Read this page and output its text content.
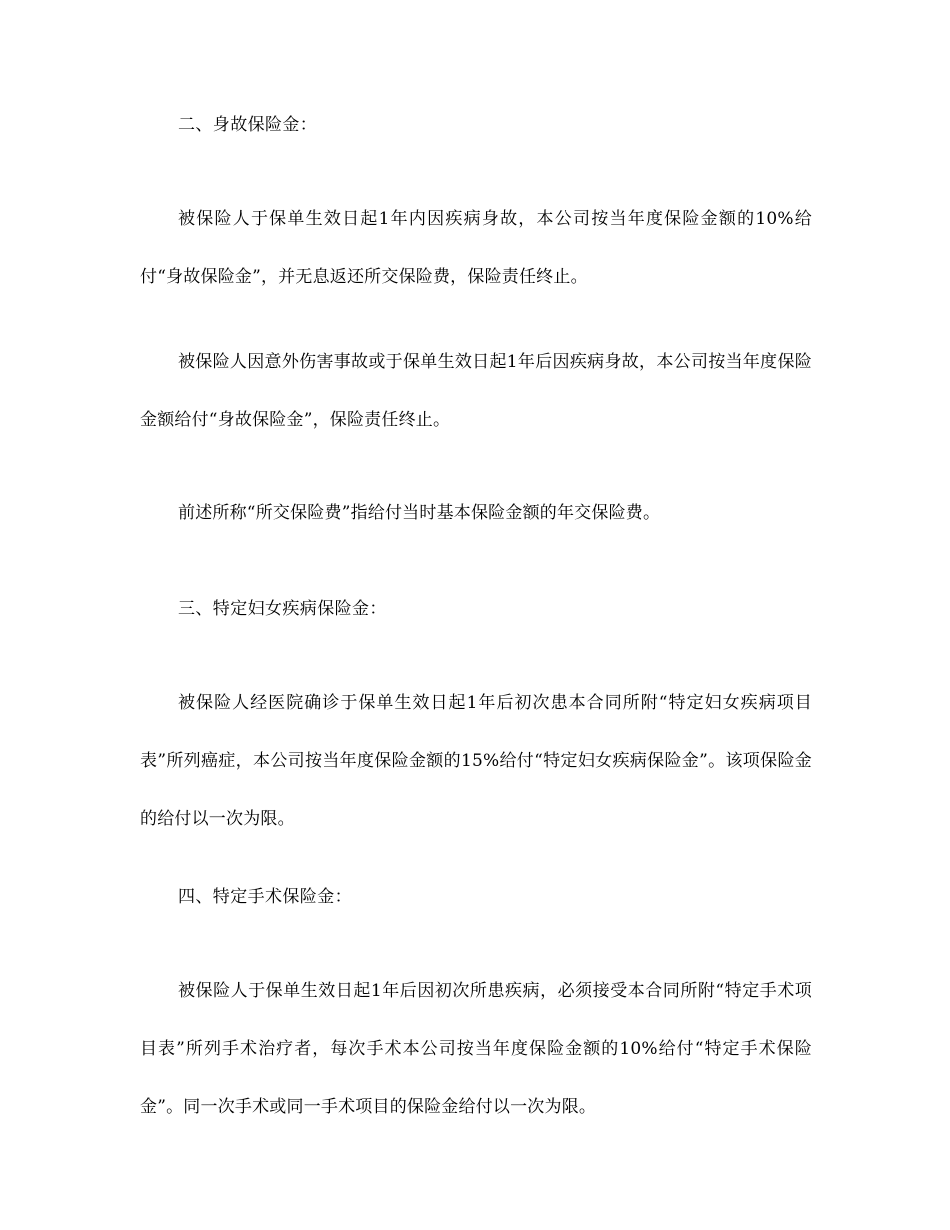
二、身故保险金：

被保险人于保单生效日起1年内因疾病身故，本公司按当年度保险金额的10%给付“身故保险金”，并无息返还所交保险费，保险责任终止。

被保险人因意外伤害事故或于保单生效日起1年后因疾病身故，本公司按当年度保险金额给付“身故保险金”，保险责任终止。

前述所称“所交保险费”指给付当时基本保险金额的年交保险费。

三、特定妇女疾病保险金：

被保险人经医院确诊于保单生效日起1年后初次患本合同所附“特定妇女疾病项目表”所列癌症，本公司按当年度保险金额的15%给付“特定妇女疾病保险金”。该项保险金的给付以一次为限。

四、特定手术保险金：

被保险人于保单生效日起1年后因初次所患疾病，必须接受本合同所附“特定手术项目表”所列手术治疗者，每次手术本公司按当年度保险金额的10%给付“特定手术保险金”。同一次手术或同一手术项目的保险金给付以一次为限。
